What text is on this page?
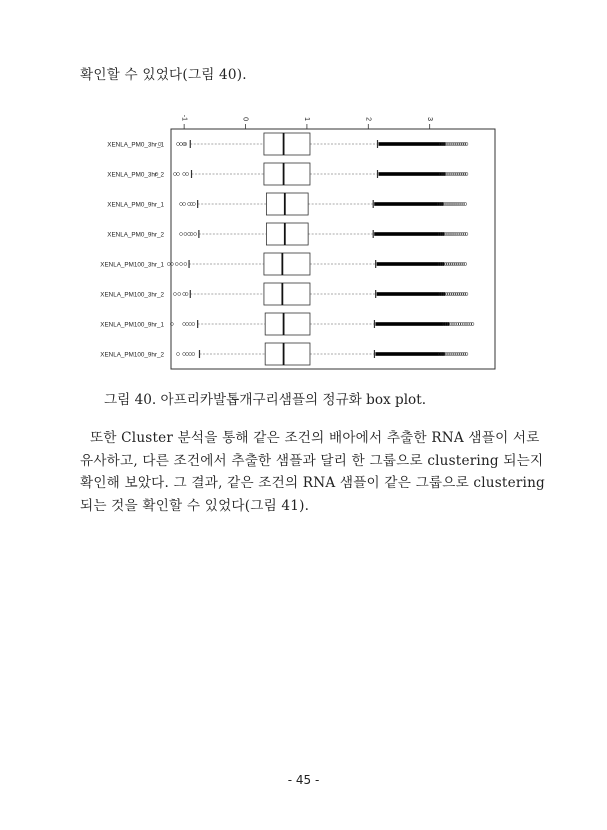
확인할 수 있었다(그림 40).
-1	0	1	2	3
XENLA_PM0_3hr_1
XENLA_PM0_3hr_2
XENLA_PM0_9hr_1
XENLA_PM0_9hr_2
XENLA_PM100_3hr_1
XENLA_PM100_3hr_2
XENLA_PM100_9hr_1
XENLA_PM100_9hr_2
그림 40. 아프리카발톱개구리샘플의 정규화 box plot.
또한 Cluster 분석을 통해 같은 조건의 배아에서 추출한 RNA 샘플이 서로
유사하고, 다른 조건에서 추출한 샘플과 달리 한 그룹으로 clustering 되는지
확인해 보았다. 그 결과, 같은 조건의 RNA 샘플이 같은 그룹으로 clustering
되는 것을 확인할 수 있었다(그림 41).
- 45 -
